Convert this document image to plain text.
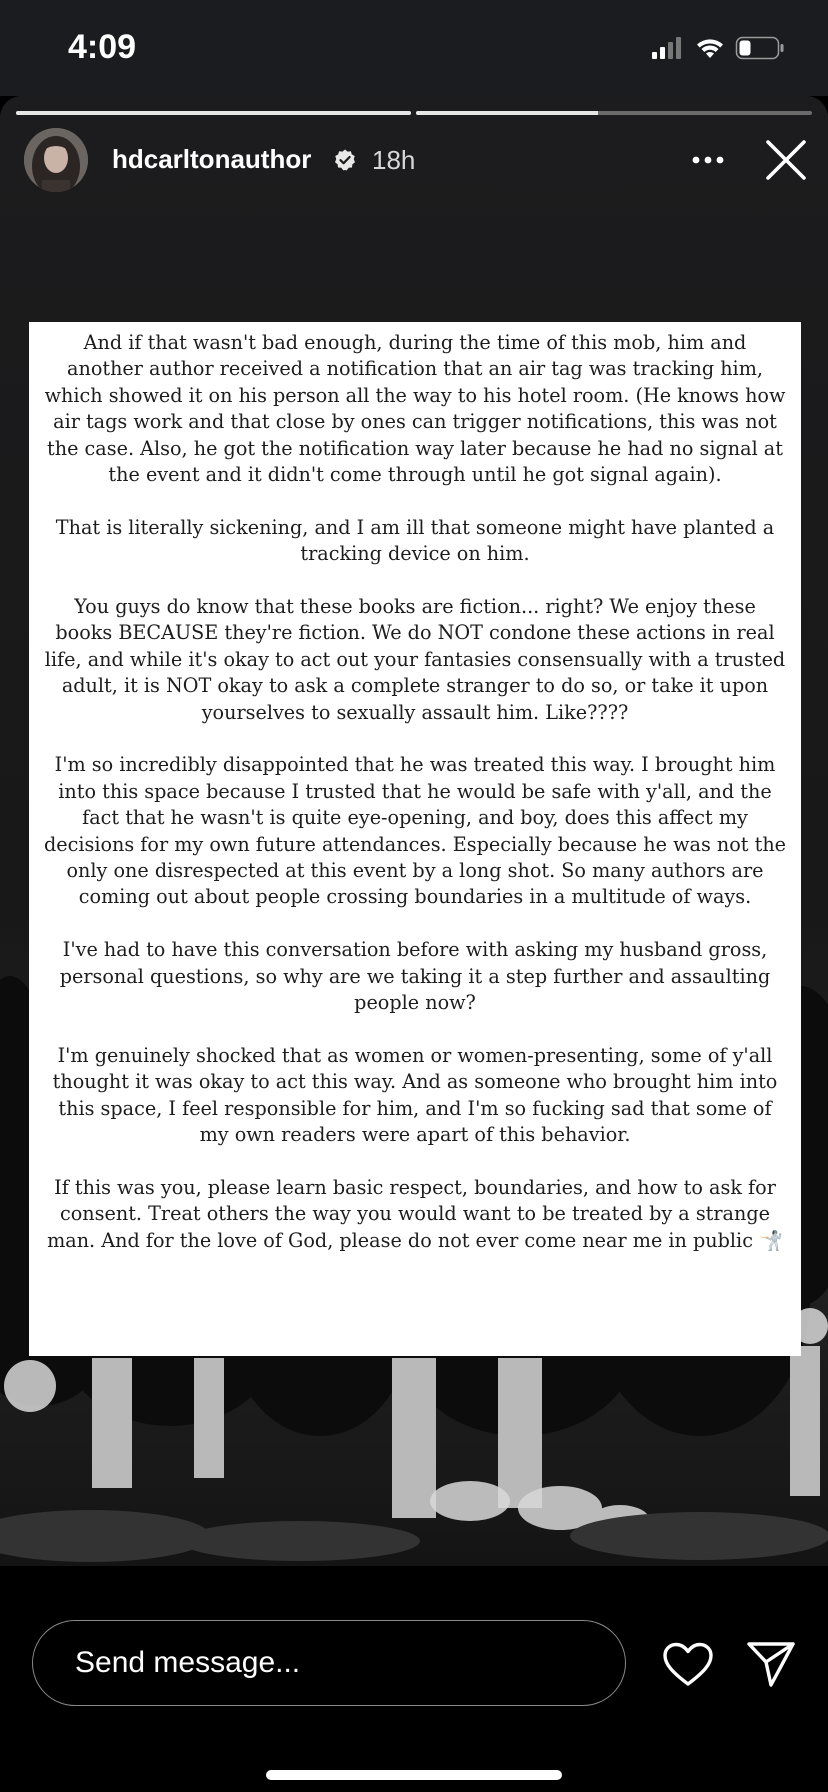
4:09
hdcarltonauthor 18h

And if that wasn't bad enough, during the time of this mob, him and another author received a notification that an air tag was tracking him, which showed it on his person all the way to his hotel room. (He knows how air tags work and that close by ones can trigger notifications, this was not the case. Also, he got the notification way later because he had no signal at the event and it didn't come through until he got signal again).

That is literally sickening, and I am ill that someone might have planted a tracking device on him.

You guys do know that these books are fiction... right? We enjoy these books BECAUSE they're fiction. We do NOT condone these actions in real life, and while it's okay to act out your fantasies consensually with a trusted adult, it is NOT okay to ask a complete stranger to do so, or take it upon yourselves to sexually assault him. Like????

I'm so incredibly disappointed that he was treated this way. I brought him into this space because I trusted that he would be safe with y'all, and the fact that he wasn't is quite eye-opening, and boy, does this affect my decisions for my own future attendances. Especially because he was not the only one disrespected at this event by a long shot. So many authors are coming out about people crossing boundaries in a multitude of ways.

I've had to have this conversation before with asking my husband gross, personal questions, so why are we taking it a step further and assaulting people now?

I'm genuinely shocked that as women or women-presenting, some of y'all thought it was okay to act this way. And as someone who brought him into this space, I feel responsible for him, and I'm so fucking sad that some of my own readers were apart of this behavior.

If this was you, please learn basic respect, boundaries, and how to ask for consent. Treat others the way you would want to be treated by a strange man. And for the love of God, please do not ever come near me in public 🤺

Send message...
